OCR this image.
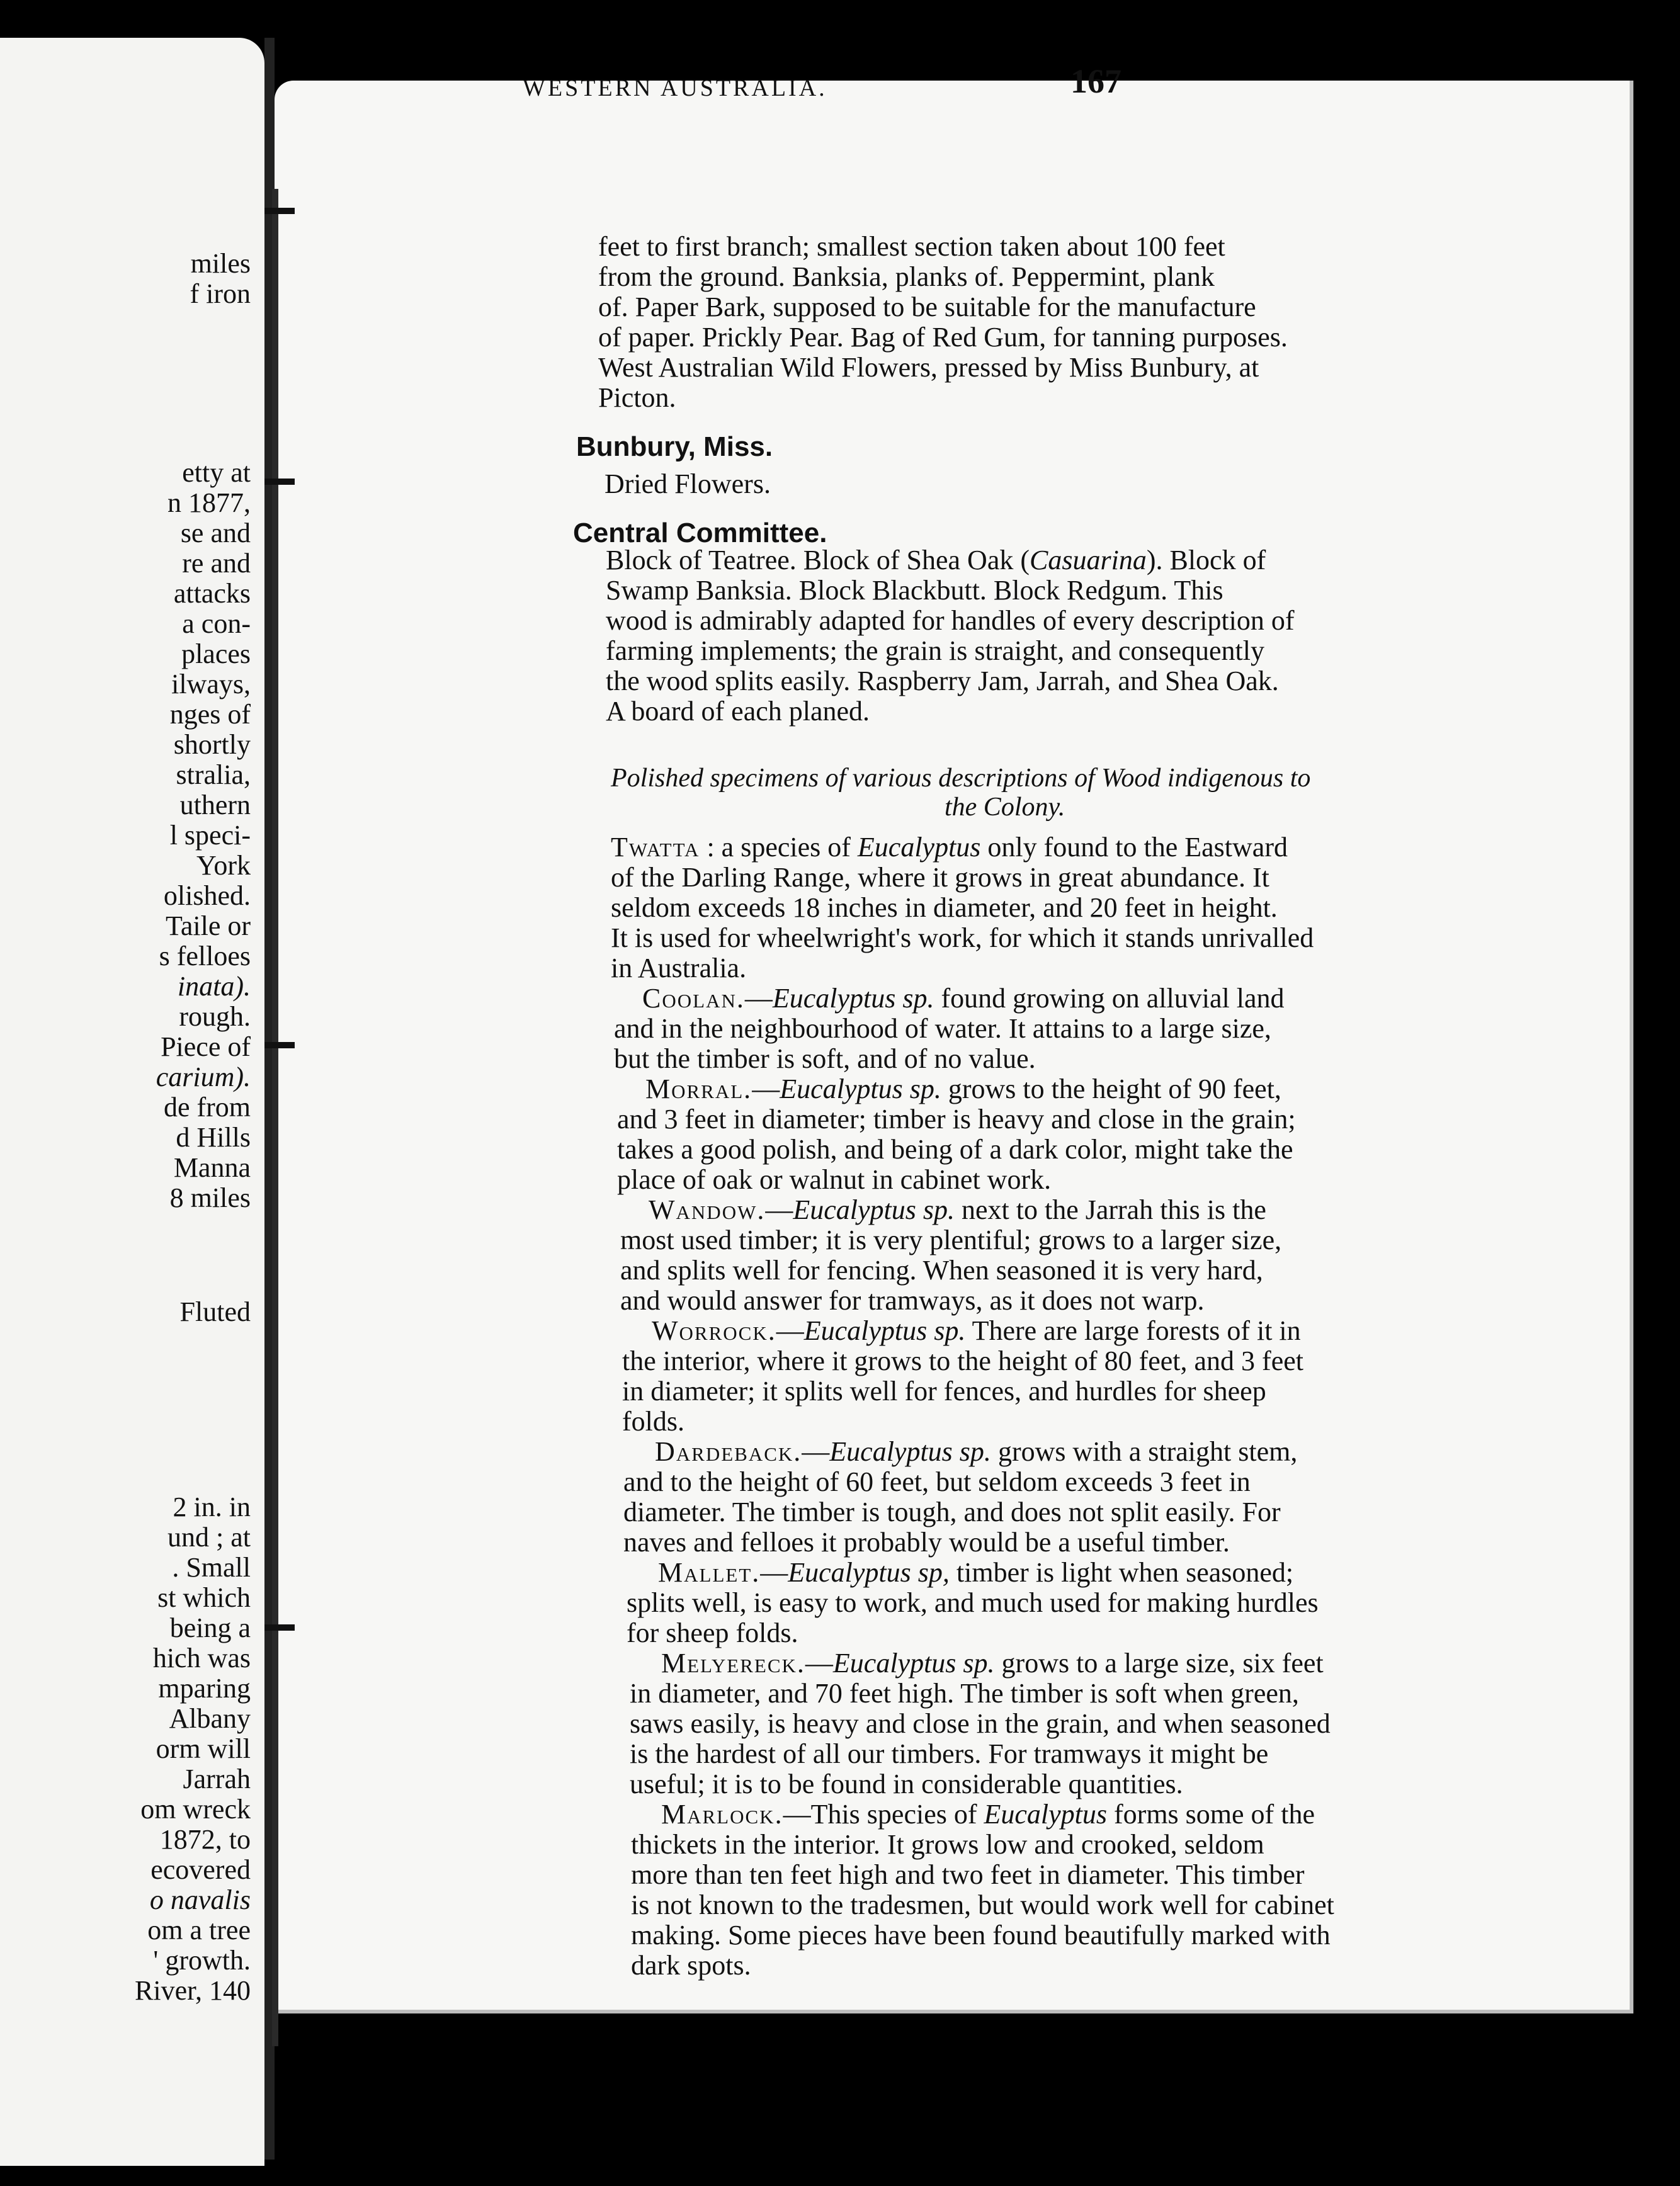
miles
f iron
etty at
n 1877,
se and
re and
attacks
a con-
places
ilways,
nges of
shortly
stralia,
uthern
l speci-
York
olished.
Taile or
s felloes
inata).
rough.
Piece of
carium).
de from
d Hills
Manna
8 miles
Fluted
2 in. in
und ; at
. Small
st which
being a
hich was
mparing
Albany
orm will
Jarrah
om wreck
1872, to
ecovered
o navalis
om a tree
' growth.
River, 140
WESTERN AUSTRALIA.	167
feet to first branch; smallest section taken about 100 feet
from the ground. Banksia, planks of. Peppermint, plank
of. Paper Bark, supposed to be suitable for the manufacture
of paper. Prickly Pear. Bag of Red Gum, for tanning purposes.
West Australian Wild Flowers, pressed by Miss Bunbury, at
Picton.
Bunbury, Miss.
Dried Flowers.
Central Committee.
Block of Teatree. Block of Shea Oak (Casuarina). Block of
Swamp Banksia. Block Blackbutt. Block Redgum. This
wood is admirably adapted for handles of every description of
farming implements; the grain is straight, and consequently
the wood splits easily. Raspberry Jam, Jarrah, and Shea Oak.
A board of each planed.
Polished specimens of various descriptions of Wood indigenous to
the Colony.
Twatta : a species of Eucalyptus only found to the Eastward
of the Darling Range, where it grows in great abundance. It
seldom exceeds 18 inches in diameter, and 20 feet in height.
It is used for wheelwright's work, for which it stands unrivalled
in Australia.
Coolan.—Eucalyptus sp. found growing on alluvial land
and in the neighbourhood of water. It attains to a large size,
but the timber is soft, and of no value.
Morral.—Eucalyptus sp. grows to the height of 90 feet,
and 3 feet in diameter; timber is heavy and close in the grain;
takes a good polish, and being of a dark color, might take the
place of oak or walnut in cabinet work.
Wandow.—Eucalyptus sp. next to the Jarrah this is the
most used timber; it is very plentiful; grows to a larger size,
and splits well for fencing. When seasoned it is very hard,
and would answer for tramways, as it does not warp.
Worrock.—Eucalyptus sp. There are large forests of it in
the interior, where it grows to the height of 80 feet, and 3 feet
in diameter; it splits well for fences, and hurdles for sheep
folds.
Dardeback.—Eucalyptus sp. grows with a straight stem,
and to the height of 60 feet, but seldom exceeds 3 feet in
diameter. The timber is tough, and does not split easily. For
naves and felloes it probably would be a useful timber.
Mallet.—Eucalyptus sp, timber is light when seasoned;
splits well, is easy to work, and much used for making hurdles
for sheep folds.
Melyereck.—Eucalyptus sp. grows to a large size, six feet
in diameter, and 70 feet high. The timber is soft when green,
saws easily, is heavy and close in the grain, and when seasoned
is the hardest of all our timbers. For tramways it might be
useful; it is to be found in considerable quantities.
Marlock.—This species of Eucalyptus forms some of the
thickets in the interior. It grows low and crooked, seldom
more than ten feet high and two feet in diameter. This timber
is not known to the tradesmen, but would work well for cabinet
making. Some pieces have been found beautifully marked with
dark spots.
